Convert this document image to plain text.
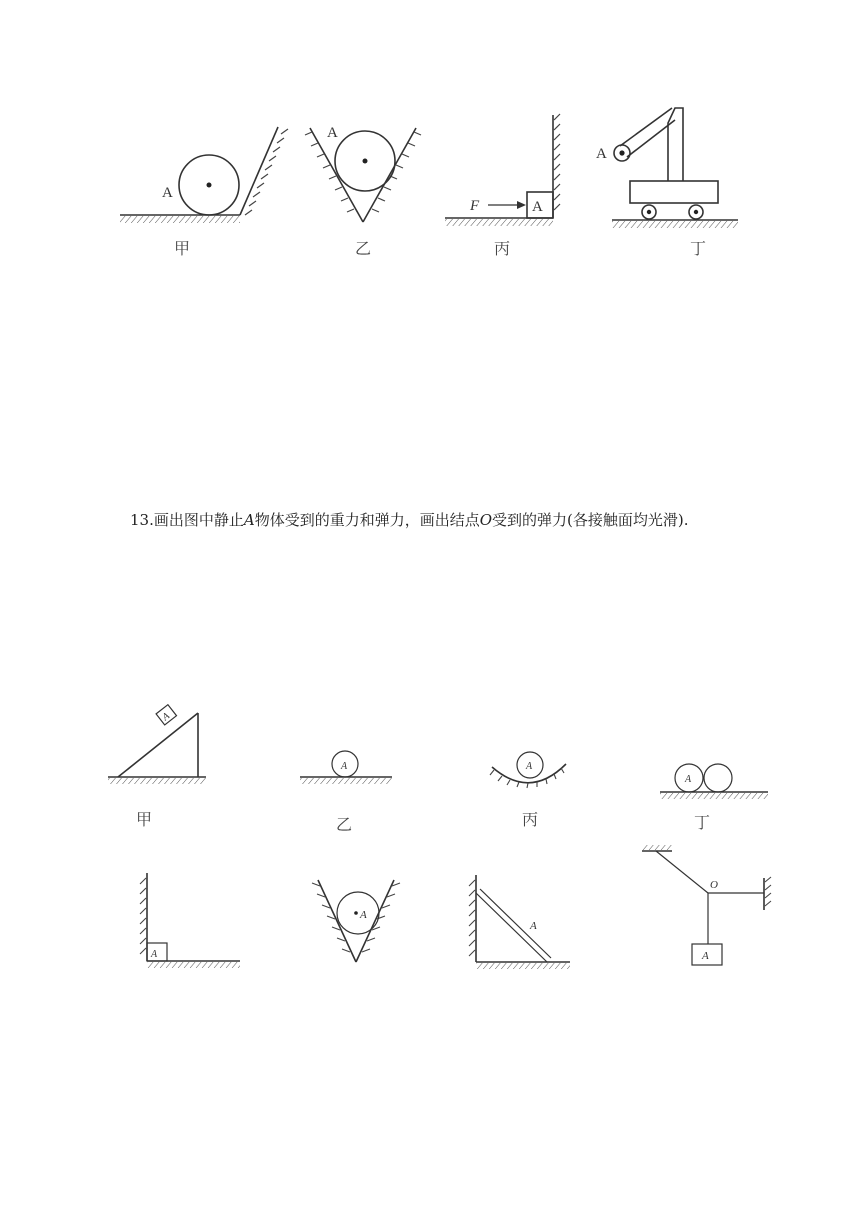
A
甲
A
乙
A
F
丙
A
丁
A
甲
A
乙
A
丙
A
丁
A
A
A
O
A
13.画出图中静止A物体受到的重力和弹力，画出结点O受到的弹力(各接触面均光滑).
